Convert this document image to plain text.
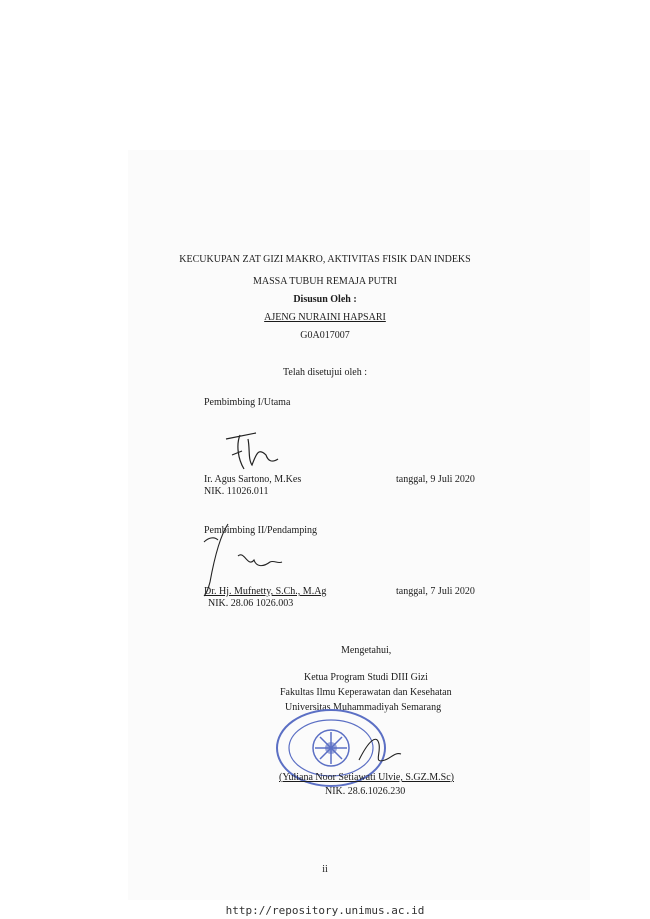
KECUKUPAN ZAT GIZI MAKRO, AKTIVITAS FISIK DAN INDEKS
MASSA TUBUH REMAJA PUTRI
Disusun Oleh :
AJENG NURAINI HAPSARI
G0A017007
Telah disetujui oleh :
Pembimbing I/Utama
Ir. Agus Sartono, M.Kes
NIK. 11026.011
tanggal, 9 Juli 2020
Pembimbing II/Pendamping
Dr. Hj. Mufnetty, S.Ch., M.Ag
NIK. 28.06 1026.003
tanggal, 7 Juli 2020
Mengetahui,
Ketua Program Studi DIII Gizi
Fakultas Ilmu Keperawatan dan Kesehatan
Universitas Muhammadiyah Semarang
(Yuliana Noor Setiawati Ulvie, S.GZ.M.Sc)
NIK. 28.6.1026.230
ii
http://repository.unimus.ac.id
